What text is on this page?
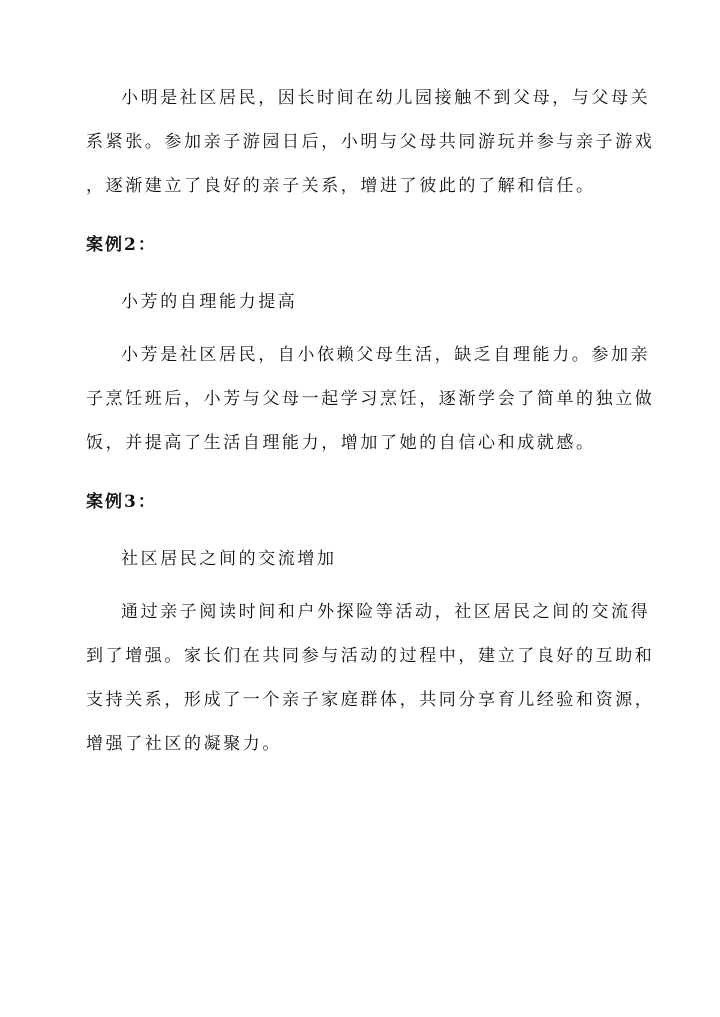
小明是社区居民，因长时间在幼儿园接触不到父母，与父母关
系紧张。参加亲子游园日后，小明与父母共同游玩并参与亲子游戏
，逐渐建立了良好的亲子关系，增进了彼此的了解和信任。
案例2：
小芳的自理能力提高
小芳是社区居民，自小依赖父母生活，缺乏自理能力。参加亲
子烹饪班后，小芳与父母一起学习烹饪，逐渐学会了简单的独立做
饭，并提高了生活自理能力，增加了她的自信心和成就感。
案例3：
社区居民之间的交流增加
通过亲子阅读时间和户外探险等活动，社区居民之间的交流得
到了增强。家长们在共同参与活动的过程中，建立了良好的互助和
支持关系，形成了一个亲子家庭群体，共同分享育儿经验和资源，
增强了社区的凝聚力。
